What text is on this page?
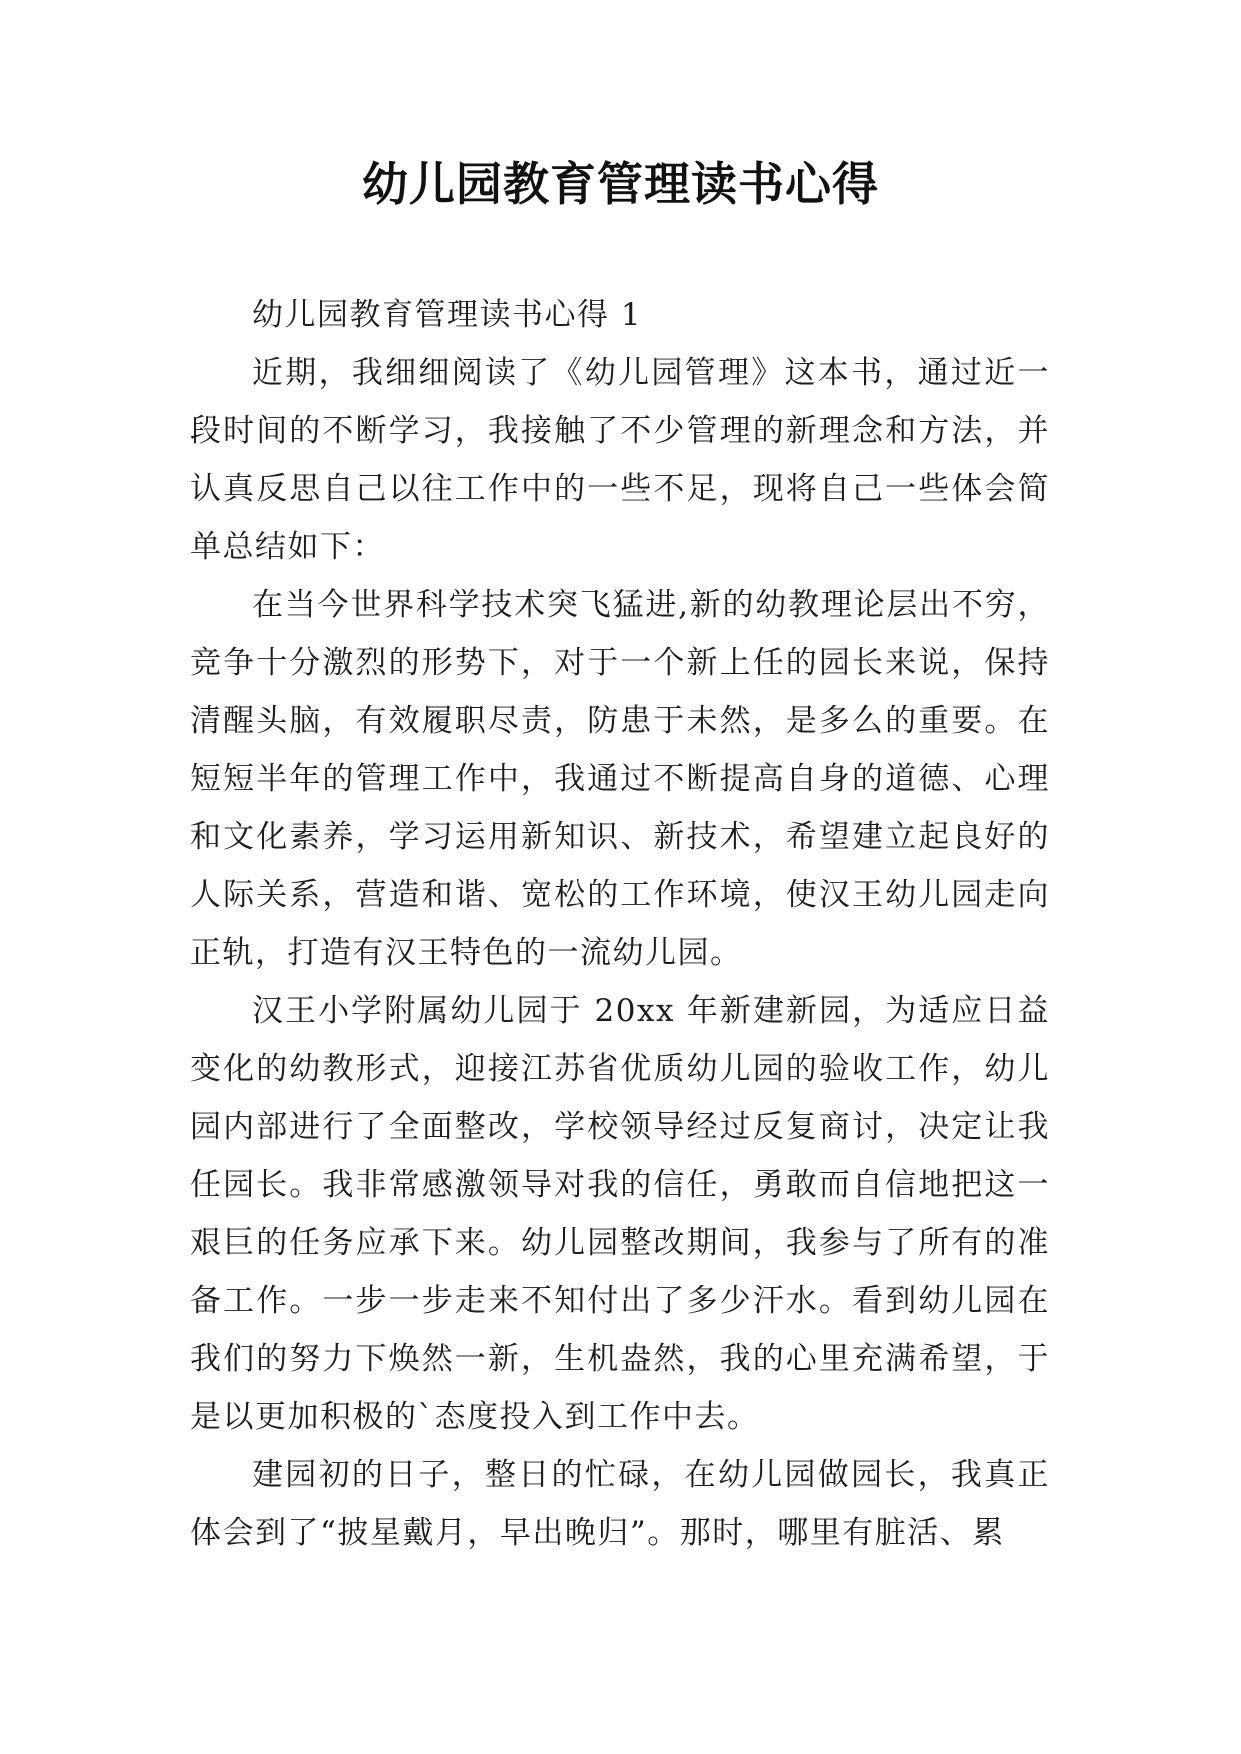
幼儿园教育管理读书心得

幼儿园教育管理读书心得 1

近期，我细细阅读了《幼儿园管理》这本书，通过近一段时间的不断学习，我接触了不少管理的新理念和方法，并认真反思自己以往工作中的一些不足，现将自己一些体会简单总结如下：

在当今世界科学技术突飞猛进,新的幼教理论层出不穷，竞争十分激烈的形势下，对于一个新上任的园长来说，保持清醒头脑，有效履职尽责，防患于未然，是多么的重要。在短短半年的管理工作中，我通过不断提高自身的道德、心理和文化素养，学习运用新知识、新技术，希望建立起良好的人际关系，营造和谐、宽松的工作环境，使汉王幼儿园走向正轨，打造有汉王特色的一流幼儿园。

汉王小学附属幼儿园于 20xx 年新建新园，为适应日益变化的幼教形式，迎接江苏省优质幼儿园的验收工作，幼儿园内部进行了全面整改，学校领导经过反复商讨，决定让我任园长。我非常感激领导对我的信任，勇敢而自信地把这一艰巨的任务应承下来。幼儿园整改期间，我参与了所有的准备工作。一步一步走来不知付出了多少汗水。看到幼儿园在我们的努力下焕然一新，生机盎然，我的心里充满希望，于是以更加积极的`态度投入到工作中去。

建园初的日子，整日的忙碌，在幼儿园做园长，我真正体会到了“披星戴月，早出晚归”。那时，哪里有脏活、累
